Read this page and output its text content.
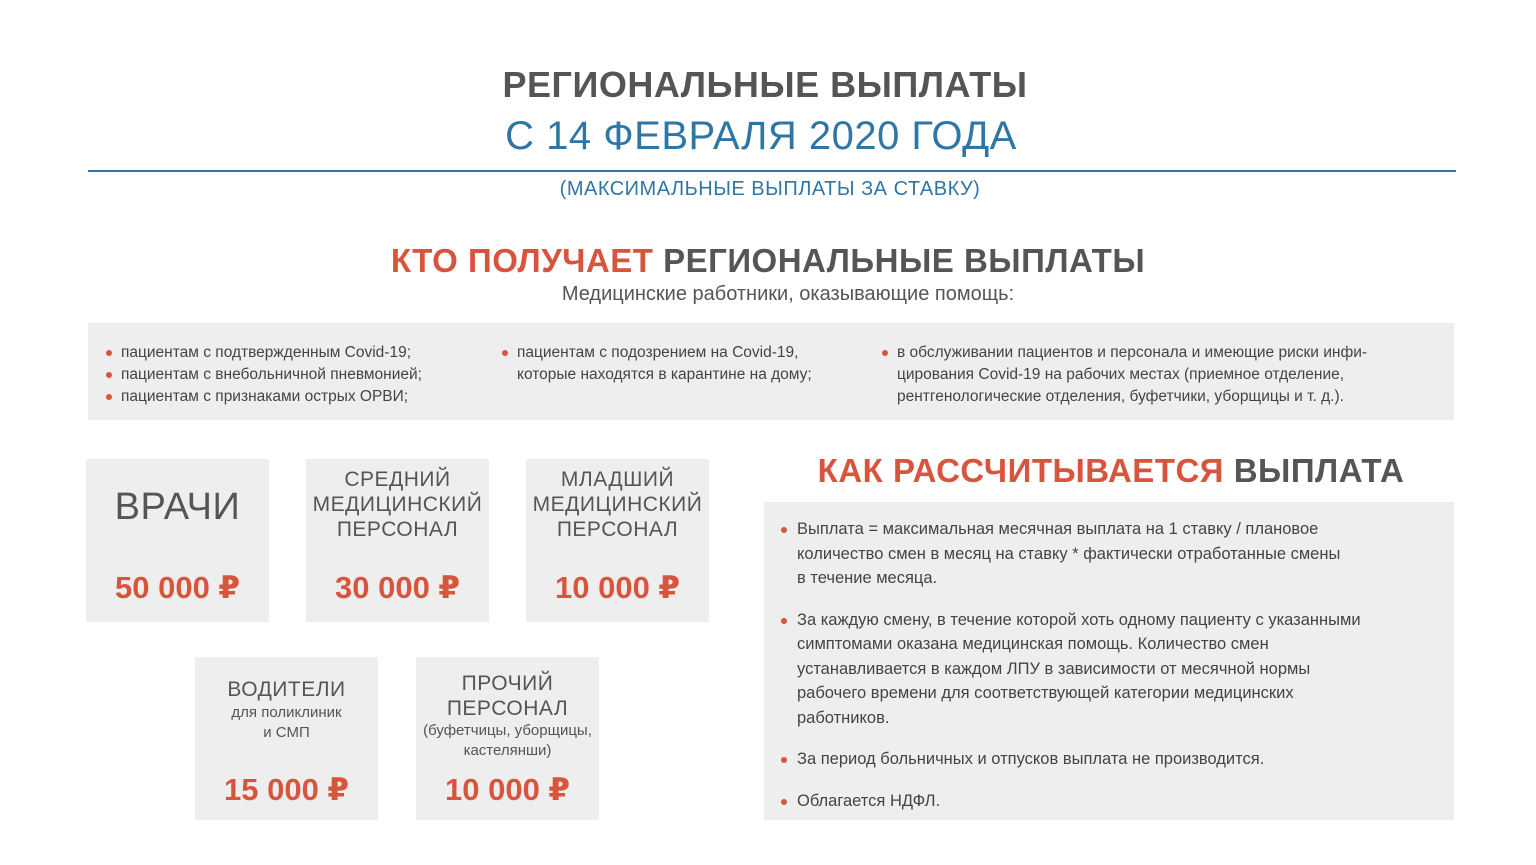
РЕГИОНАЛЬНЫЕ ВЫПЛАТЫ
С 14 ФЕВРАЛЯ 2020 ГОДА
(МАКСИМАЛЬНЫЕ ВЫПЛАТЫ ЗА СТАВКУ)
КТО ПОЛУЧАЕТ РЕГИОНАЛЬНЫЕ ВЫПЛАТЫ
Медицинские работники, оказывающие помощь:
пациентам с подтвержденным Covid-19;
пациентам с внебольничной пневмонией;
пациентам с признаками острых ОРВИ;
пациентам с подозрением на Covid-19, которые находятся в карантине на дому;
в обслуживании пациентов и персонала и имеющие риски инфи-цирования Covid-19 на рабочих местах (приемное отделение, рентгенологические отделения, буфетчики, уборщицы и т. д.).
ВРАЧИ
50 000 ₽
СРЕДНИЙ
МЕДИЦИНСКИЙ
ПЕРСОНАЛ
30 000 ₽
МЛАДШИЙ
МЕДИЦИНСКИЙ
ПЕРСОНАЛ
10 000 ₽
ВОДИТЕЛИ
для поликлиник
и СМП
15 000 ₽
ПРОЧИЙ
ПЕРСОНАЛ
(буфетчицы, уборщицы,
кастелянши)
10 000 ₽
КАК РАССЧИТЫВАЕТСЯ ВЫПЛАТА
Выплата = максимальная месячная выплата на 1 ставку / плановое
количество смен в месяц на ставку * фактически отработанные смены
в течение месяца.
За каждую смену, в течение которой хоть одному пациенту с указанными
симптомами оказана медицинская помощь. Количество смен
устанавливается в каждом ЛПУ в зависимости от месячной нормы
рабочего времени для соответствующей категории медицинских
работников.
За период больничных и отпусков выплата не производится.
Облагается НДФЛ.
